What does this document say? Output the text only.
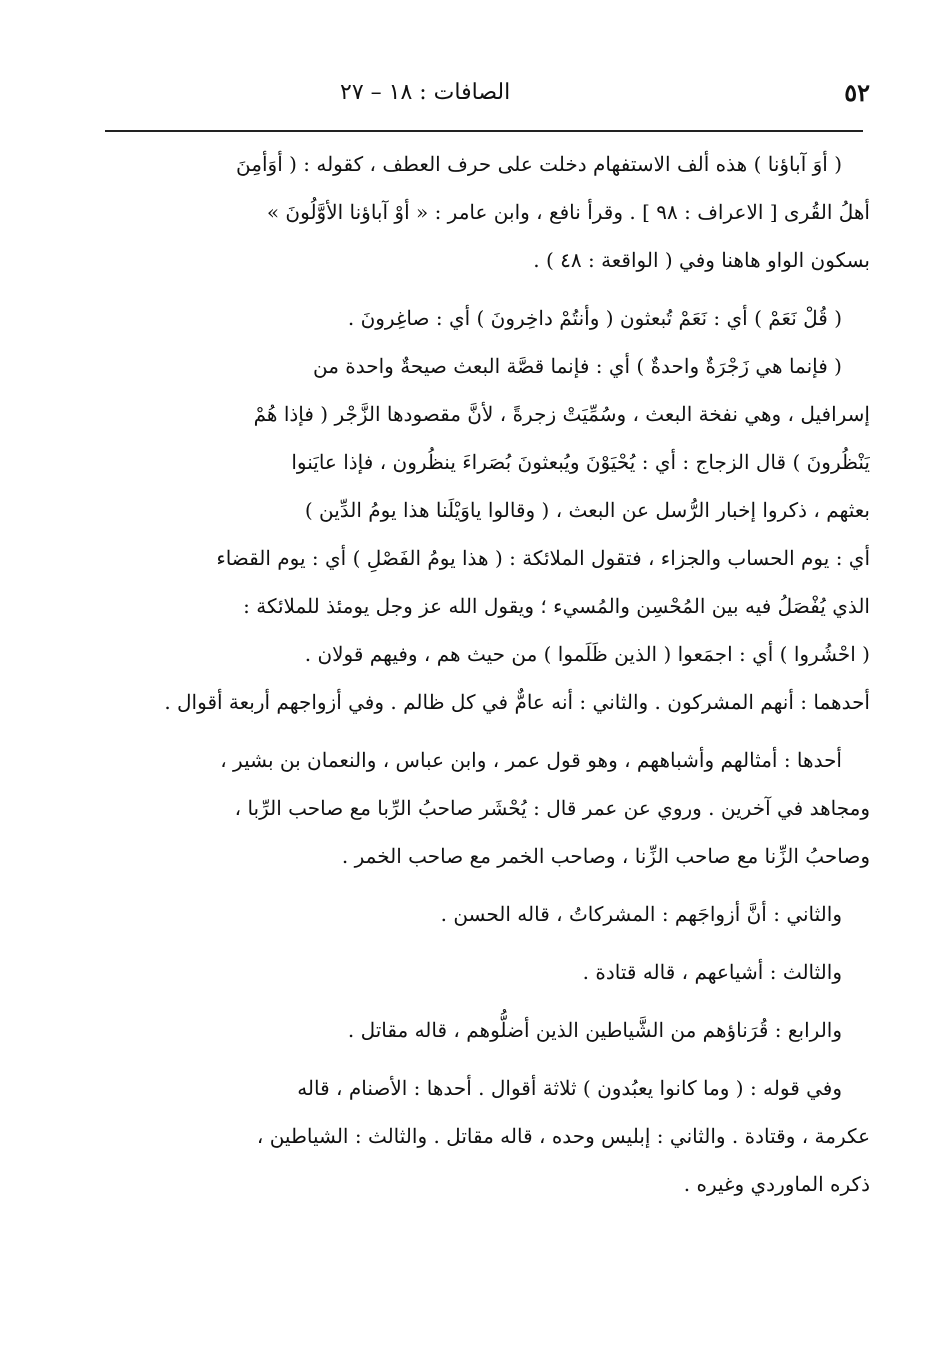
٥٢
الصافات : ١٨ – ٢٧
( أوَ آباؤنا ) هذه ألف الاستفهام دخلت على حرف العطف ، كقوله : ( أوَأمِنَ
أهلُ القُرى [ الاعراف : ٩٨ ] . وقرأ نافع ، وابن عامر : « أوْ آباؤنا الأوَّلُونَ »
بسكون الواو هاهنا وفي ( الواقعة : ٤٨ ) .
( قُلْ نَعَمْ ) أي : نَعَمْ تُبعثون ( وأنتُمْ داخِرونَ ) أي : صاغِرونَ .
( فإنما هي زَجْرَةٌ واحدةٌ ) أي : فإنما قصَّة البعث صيحةٌ واحدة من
إسرافيل ، وهي نفخة البعث ، وسُمِّيَتْ زجرةً ، لأنَّ مقصودها الزَّجْر ( فإذا هُمْ
يَنْظُرونَ ) قال الزجاج : أي : يُحْيَوْنَ ويُبعثونَ بُصَراءَ ينظُرون ، فإذا عايَنوا
بعثهم ، ذكروا إخبار الرُّسل عن البعث ، ( وقالوا ياوَيْلَنا هذا يومُ الدِّين )
أي : يوم الحساب والجزاء ، فتقول الملائكة : ( هذا يومُ الفَصْلِ ) أي : يوم القضاء
الذي يُفْصَلُ فيه بين المُحْسِن والمُسيء ؛ ويقول الله عز وجل يومئذ للملائكة :
( احْشُروا ) أي : اجمَعوا ( الذين ظَلَموا ) من حيث هم ، وفيهم قولان .
أحدهما : أنهم المشركون . والثاني : أنه عامٌّ في كل ظالم . وفي أزواجهم أربعة أقوال .
أحدها : أمثالهم وأشباههم ، وهو قول عمر ، وابن عباس ، والنعمان بن بشير ،
ومجاهد في آخرين . وروي عن عمر قال : يُحْشَر صاحبُ الرِّبا مع صاحب الرِّبا ،
وصاحبُ الزِّنا مع صاحب الزِّنا ، وصاحب الخمر مع صاحب الخمر .
والثاني : أنَّ أزواجَهم : المشركاتُ ، قاله الحسن .
والثالث : أشياعهم ، قاله قتادة .
والرابع : قُرَناؤهم من الشَّياطين الذين أضلُّوهم ، قاله مقاتل .
وفي قوله : ( وما كانوا يعبُدون ) ثلاثة أقوال . أحدها : الأصنام ، قاله
عكرمة ، وقتادة . والثاني : إبليس وحده ، قاله مقاتل . والثالث : الشياطين ،
ذكره الماوردي وغيره .
